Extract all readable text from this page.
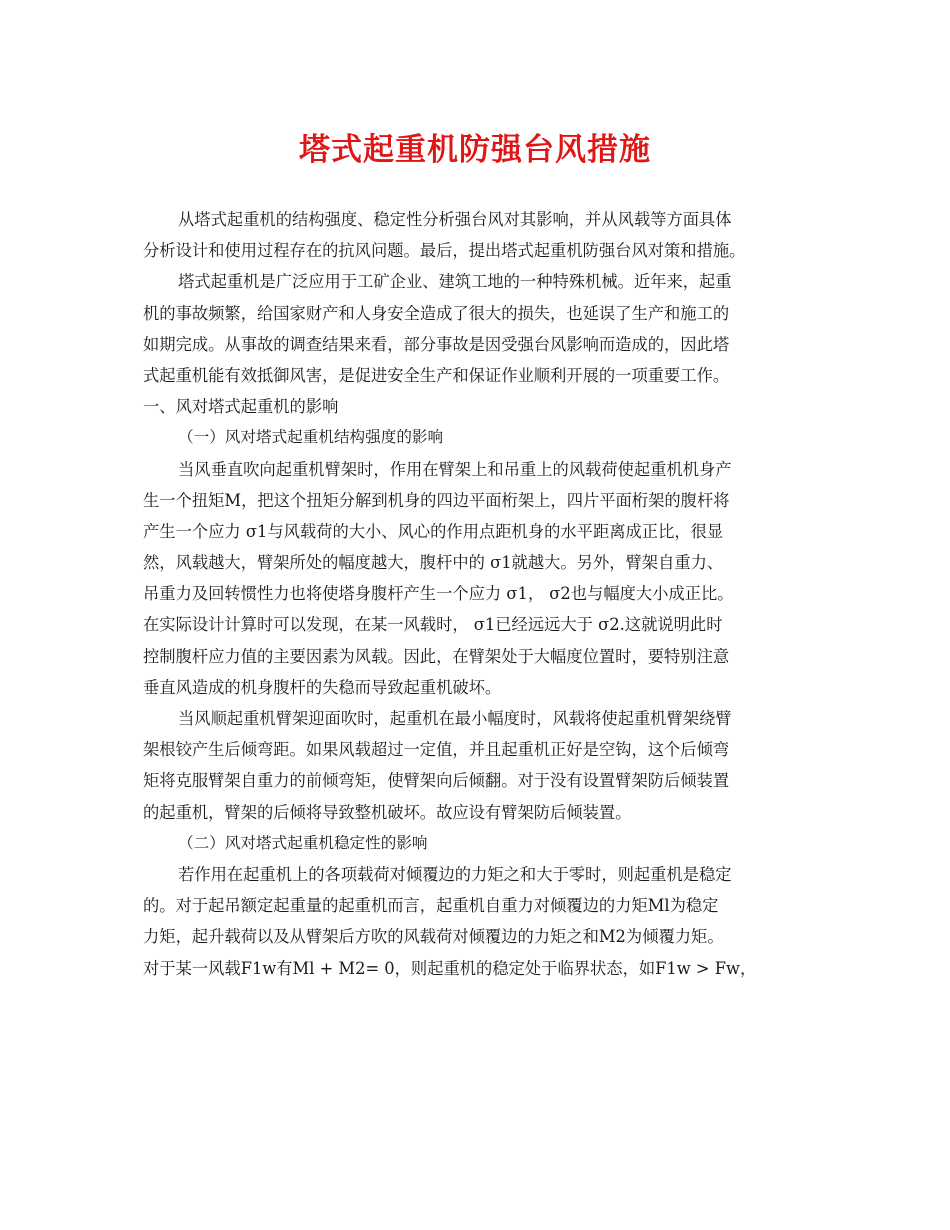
塔式起重机防强台风措施
从塔式起重机的结构强度、稳定性分析强台风对其影响，并从风载等方面具体
分析设计和使用过程存在的抗风问题。最后，提出塔式起重机防强台风对策和措施。
塔式起重机是广泛应用于工矿企业、建筑工地的一种特殊机械。近年来，起重
机的事故频繁，给国家财产和人身安全造成了很大的损失，也延误了生产和施工的
如期完成。从事故的调查结果来看，部分事故是因受强台风影响而造成的，因此塔
式起重机能有效抵御风害，是促进安全生产和保证作业顺利开展的一项重要工作。
一、风对塔式起重机的影响
（一）风对塔式起重机结构强度的影响
当风垂直吹向起重机臂架时，作用在臂架上和吊重上的风载荷使起重机机身产
生一个扭矩M，把这个扭矩分解到机身的四边平面桁架上，四片平面桁架的腹杆将
产生一个应力 σ1与风载荷的大小、风心的作用点距机身的水平距离成正比，很显
然，风载越大，臂架所处的幅度越大，腹杆中的 σ1就越大。另外，臂架自重力、
吊重力及回转惯性力也将使塔身腹杆产生一个应力 σ1， σ2也与幅度大小成正比。
在实际设计计算时可以发现，在某一风载时， σ1已经远远大于 σ2.这就说明此时
控制腹杆应力值的主要因素为风载。因此，在臂架处于大幅度位置时，要特别注意
垂直风造成的机身腹杆的失稳而导致起重机破坏。
当风顺起重机臂架迎面吹时，起重机在最小幅度时，风载将使起重机臂架绕臂
架根铰产生后倾弯距。如果风载超过一定值，并且起重机正好是空钩，这个后倾弯
矩将克服臂架自重力的前倾弯矩，使臂架向后倾翻。对于没有设置臂架防后倾装置
的起重机，臂架的后倾将导致整机破坏。故应设有臂架防后倾装置。
（二）风对塔式起重机稳定性的影响
若作用在起重机上的各项载荷对倾覆边的力矩之和大于零时，则起重机是稳定
的。对于起吊额定起重量的起重机而言，起重机自重力对倾覆边的力矩Ml为稳定
力矩，起升载荷以及从臂架后方吹的风载荷对倾覆边的力矩之和M2为倾覆力矩。
对于某一风载F1w有Ml + M2= 0，则起重机的稳定处于临界状态，如F1w > Fw，
